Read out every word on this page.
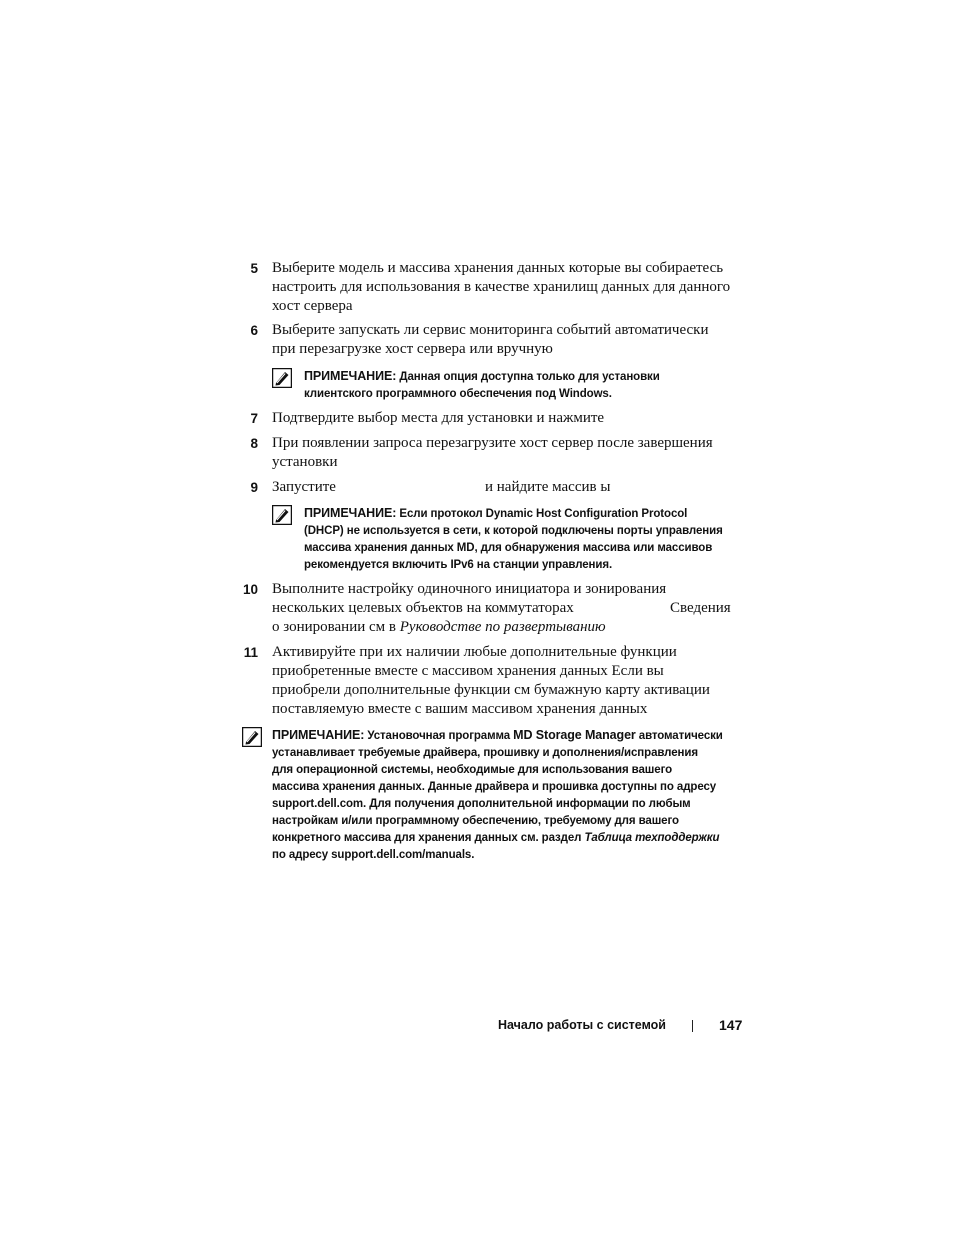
5 Выберите модель и массива хранения данных которые вы собираетесь
настроить для использования в качестве хранилищ данных для данного
хост сервера
6 Выберите запускать ли сервис мониторинга событий автоматически
при перезагрузке хост сервера или вручную
ПРИМЕЧАНИЕ: Данная опция доступна только для установки
клиентского программного обеспечения под Windows.
7 Подтвердите выбор места для установки и нажмите
8 При появлении запроса перезагрузите хост сервер после завершения
установки
9 Запустите	и найдите массив ы
ПРИМЕЧАНИЕ: Если протокол Dynamic Host Configuration Protocol
(DHCP) не используется в сети, к которой подключены порты управления
массива хранения данных MD, для обнаружения массива или массивов
рекомендуется включить IPv6 на станции управления.
10 Выполните настройку одиночного инициатора и зонирования
нескольких целевых объектов на коммутаторах	Сведения
о зонировании см в Руководстве по развертыванию
11 Активируйте при их наличии любые дополнительные функции
приобретенные вместе с массивом хранения данных Если вы
приобрели дополнительные функции см бумажную карту активации
поставляемую вместе с вашим массивом хранения данных
ПРИМЕЧАНИЕ: Установочная программа MD Storage Manager автоматически
устанавливает требуемые драйвера, прошивку и дополнения/исправления
для операционной системы, необходимые для использования вашего
массива хранения данных. Данные драйвера и прошивка доступны по адресу
support.dell.com. Для получения дополнительной информации по любым
настройкам и/или программному обеспечению, требуемому для вашего
конкретного массива для хранения данных см. раздел Таблица техподдержки
по адресу support.dell.com/manuals.
Начало работы с системой	147
